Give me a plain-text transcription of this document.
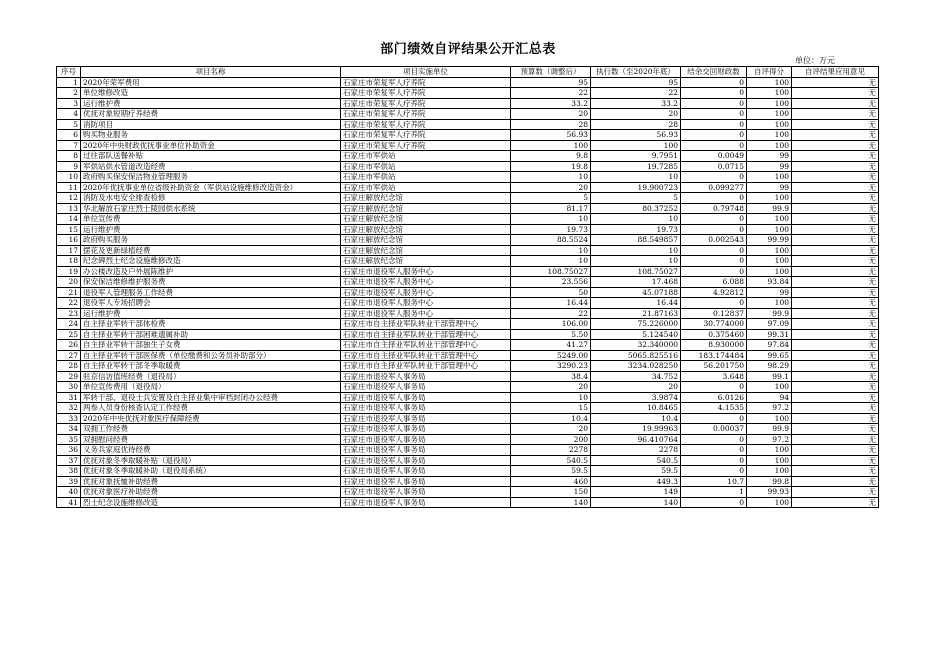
部门绩效自评结果公开汇总表
单位：万元
序号	项目名称	项目实施单位	预算数（调整后）	执行数（至2020年底）	结余交回财政数	自评得分	自评结果应用意见
1	2020年荣军费用	石家庄市荣复军人疗养院	95	95	0	100	无
2	单位维修改造	石家庄市荣复军人疗养院	22	22	0	100	无
3	运行维护费	石家庄市荣复军人疗养院	33.2	33.2	0	100	无
4	优抚对象短期疗养经费	石家庄市荣复军人疗养院	20	20	0	100	无
5	消防项目	石家庄市荣复军人疗养院	28	28	0	100	无
6	购买物业服务	石家庄市荣复军人疗养院	56.93	56.93	0	100	无
7	2020年中央财政优抚事业单位补助资金	石家庄市荣复军人疗养院	100	100	0	100	无
8	过往部队送餐补贴	石家庄市军供站	9.8	9.7951	0.0049	99	无
9	军供站供水管道改造经费	石家庄市军供站	19.8	19.7285	0.0715	99	无
10	政府购买保安保洁物业管理服务	石家庄市军供站	10	10	0	100	无
11	2020年优抚事业单位省级补助资金（军供站设施维修改造资金）	石家庄市军供站	20	19.900723	0.099277	99	无
12	消防及水电安全排查检修	石家庄解放纪念馆	5	5	0	100	无
13	华北解放石家庄烈士陵园供水系统	石家庄解放纪念馆	81.17	80.37252	0.79748	99.9	无
14	单位宣传费	石家庄解放纪念馆	10	10	0	100	无
15	运行维护费	石家庄解放纪念馆	19.73	19.73	0	100	无
16	政府购买服务	石家庄解放纪念馆	88.5524	88.549857	0.002543	99.99	无
17	摆花及更新绿植经费	石家庄解放纪念馆	10	10	0	100	无
18	纪念碑烈士纪念设施维修改造	石家庄解放纪念馆	10	10	0	100	无
19	办公楼改造及户外展陈维护	石家庄市退役军人服务中心	108.75027	108.75027	0	100	无
20	保安保洁维修维护服务费	石家庄市退役军人服务中心	23.556	17.468	6.088	93.84	无
21	退役军人管理服务工作经费	石家庄市退役军人服务中心	50	45.07188	4.92812	99	无
22	退役军人专场招聘会	石家庄市退役军人服务中心	16.44	16.44	0	100	无
23	运行维护费	石家庄市退役军人服务中心	22	21.87163	0.12837	99.9	无
24	自主择业军转干部体检费	石家庄市自主择业军队转业干部管理中心	106.00	75.226000	30.774000	97.09	无
25	自主择业军转干部困难遗属补助	石家庄市自主择业军队转业干部管理中心	5.50	5.124540	0.375460	99.31	无
26	自主择业军转干部独生子女费	石家庄市自主择业军队转业干部管理中心	41.27	32.340000	8.930000	97.84	无
27	自主择业军转干部医保费（单位缴费和公务员补助部分）	石家庄市自主择业军队转业干部管理中心	5249.00	5065.825516	183.174484	99.65	无
28	自主择业军转干部冬季取暖费	石家庄市自主择业军队转业干部管理中心	3290.23	3234.028250	56.201750	98.29	无
29	驻京信访值班经费（退役局）	石家庄市退役军人事务局	38.4	34.752	3.648	99.1	无
30	单位宣传费用（退役局）	石家庄市退役军人事务局	20	20	0	100	无
31	军转干部、退役士兵安置及自主择业集中审档封闭办公经费	石家庄市退役军人事务局	10	3.9874	6.0126	94	无
32	两参人员身份核查认定工作经费	石家庄市退役军人事务局	15	10.8465	4.1535	97.2	无
33	2020年中央优抚对象医疗保障经费	石家庄市退役军人事务局	10.4	10.4	0	100	无
34	双拥工作经费	石家庄市退役军人事务局	20	19.99963	0.00037	99.9	无
35	双拥慰问经费	石家庄市退役军人事务局	200	96.410764	0	97.2	无
36	义务兵家庭优待经费	石家庄市退役军人事务局	2278	2278	0	100	无
37	优抚对象冬季取暖补贴（退役局）	石家庄市退役军人事务局	540.5	540.5	0	100	无
38	优抚对象冬季取暖补助（退役局系统）	石家庄市退役军人事务局	59.5	59.5	0	100	无
39	优抚对象抚恤补助经费	石家庄市退役军人事务局	460	449.3	10.7	99.8	无
40	优抚对象医疗补助经费	石家庄市退役军人事务局	150	149	1	99.93	无
41	烈士纪念设施维修改造	石家庄市退役军人事务局	140	140	0	100	无
